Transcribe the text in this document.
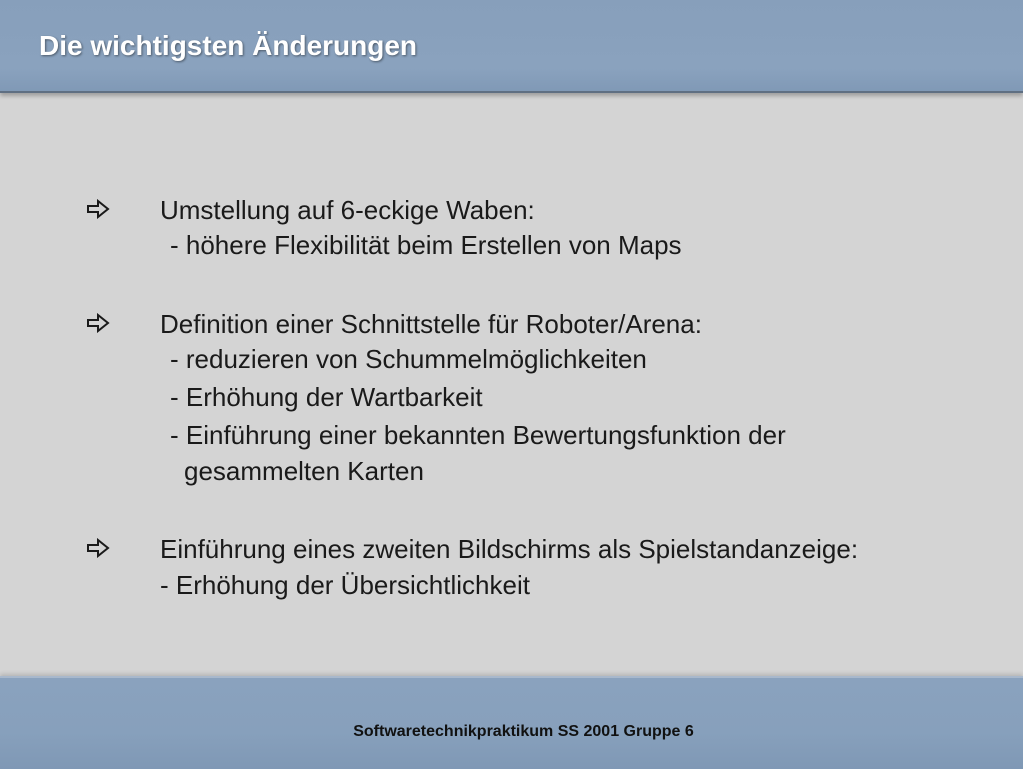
Die wichtigsten Änderungen
Umstellung auf 6-eckige Waben:
- höhere Flexibilität beim Erstellen von Maps
Definition einer Schnittstelle für Roboter/Arena:
- reduzieren von Schummelmöglichkeiten
- Erhöhung der Wartbarkeit
- Einführung einer bekannten Bewertungsfunktion der
gesammelten Karten
Einführung eines zweiten Bildschirms als Spielstandanzeige:
- Erhöhung der Übersichtlichkeit
Softwaretechnikpraktikum SS 2001 Gruppe 6
